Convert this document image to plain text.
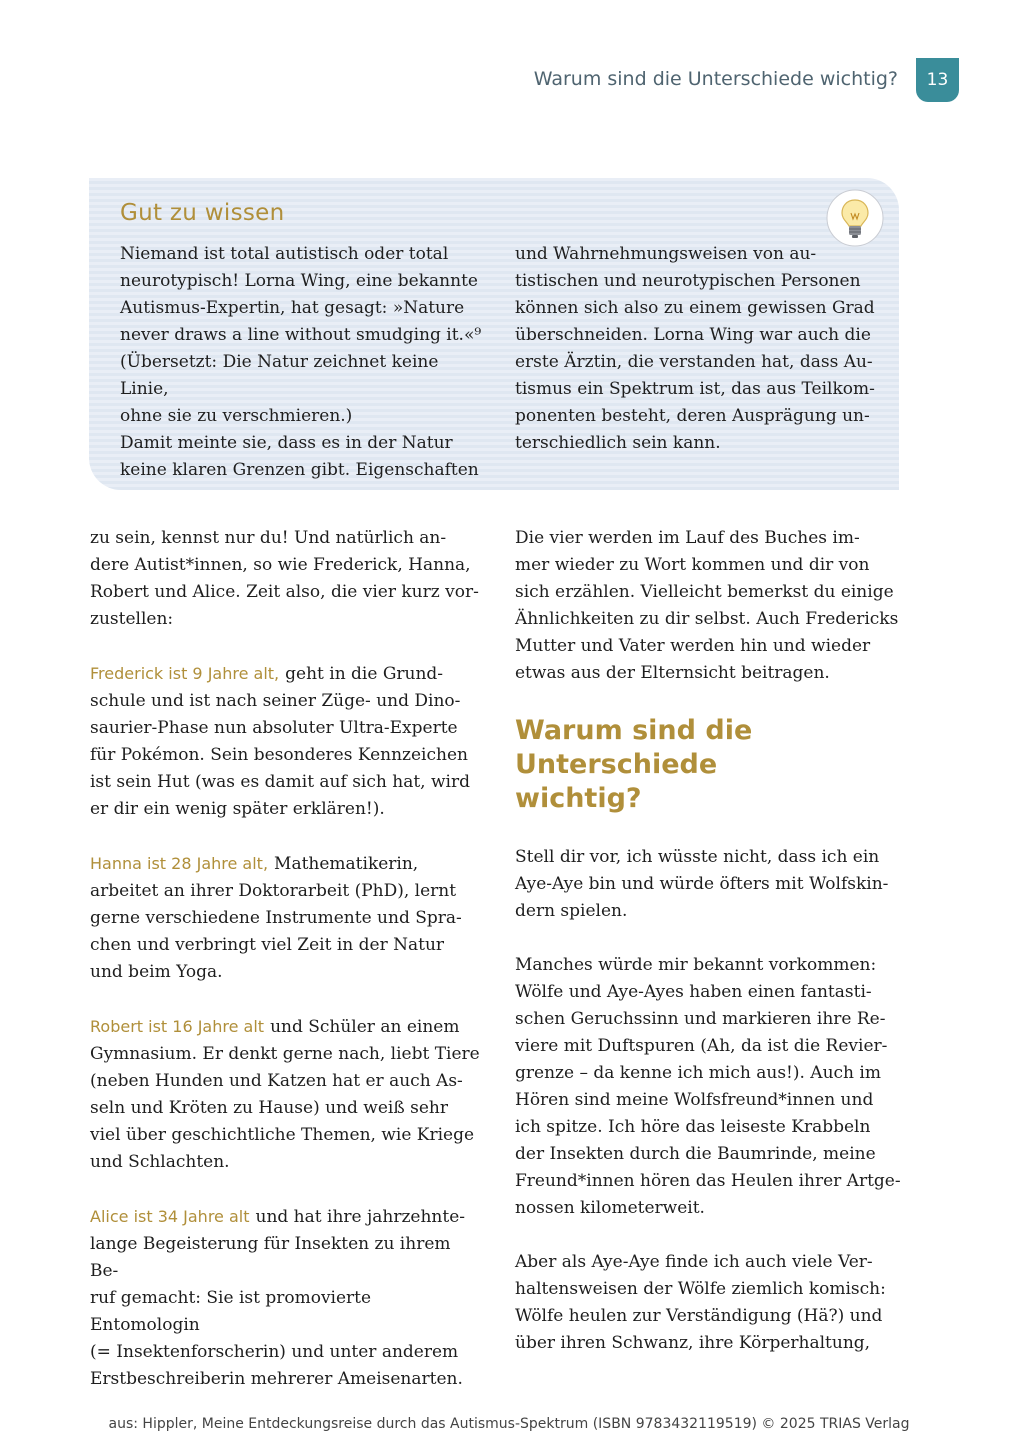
Warum sind die Unterschiede wichtig?	13
Gut zu wissen
Niemand ist total autistisch oder total
neurotypisch! Lorna Wing, eine bekannte
Autismus-Expertin, hat gesagt: »Nature
never draws a line without smudging it.«⁹
(Übersetzt: Die Natur zeichnet keine Linie,
ohne sie zu verschmieren.)
Damit meinte sie, dass es in der Natur
keine klaren Grenzen gibt. Eigenschaften
und Wahrnehmungsweisen von au-
tistischen und neurotypischen Personen
können sich also zu einem gewissen Grad
überschneiden. Lorna Wing war auch die
erste Ärztin, die verstanden hat, dass Au-
tismus ein Spektrum ist, das aus Teilkom-
ponenten besteht, deren Ausprägung un-
terschiedlich sein kann.

zu sein, kennst nur du! Und natürlich an-
dere Autist*innen, so wie Frederick, Hanna,
Robert und Alice. Zeit also, die vier kurz vor-
zustellen:

Frederick ist 9 Jahre alt, geht in die Grund-
schule und ist nach seiner Züge- und Dino-
saurier-Phase nun absoluter Ultra-Experte
für Pokémon. Sein besonderes Kennzeichen
ist sein Hut (was es damit auf sich hat, wird
er dir ein wenig später erklären!).

Hanna ist 28 Jahre alt, Mathematikerin,
arbeitet an ihrer Doktorarbeit (PhD), lernt
gerne verschiedene Instrumente und Spra-
chen und verbringt viel Zeit in der Natur
und beim Yoga.

Robert ist 16 Jahre alt und Schüler an einem
Gymnasium. Er denkt gerne nach, liebt Tiere
(neben Hunden und Katzen hat er auch As-
seln und Kröten zu Hause) und weiß sehr
viel über geschichtliche Themen, wie Kriege
und Schlachten.

Alice ist 34 Jahre alt und hat ihre jahrzehnte-
lange Begeisterung für Insekten zu ihrem Be-
ruf gemacht: Sie ist promovierte Entomologin
(= Insektenforscherin) und unter anderem
Erstbeschreiberin mehrerer Ameisenarten.

Die vier werden im Lauf des Buches im-
mer wieder zu Wort kommen und dir von
sich erzählen. Vielleicht bemerkst du einige
Ähnlichkeiten zu dir selbst. Auch Fredericks
Mutter und Vater werden hin und wieder
etwas aus der Elternsicht beitragen.

Warum sind die Unterschiede
wichtig?

Stell dir vor, ich wüsste nicht, dass ich ein
Aye-Aye bin und würde öfters mit Wolfskin-
dern spielen.

Manches würde mir bekannt vorkommen:
Wölfe und Aye-Ayes haben einen fantasti-
schen Geruchssinn und markieren ihre Re-
viere mit Duftspuren (Ah, da ist die Revier-
grenze – da kenne ich mich aus!). Auch im
Hören sind meine Wolfsfreund*innen und
ich spitze. Ich höre das leiseste Krabbeln
der Insekten durch die Baumrinde, meine
Freund*innen hören das Heulen ihrer Artge-
nossen kilometerweit.

Aber als Aye-Aye finde ich auch viele Ver-
haltensweisen der Wölfe ziemlich komisch:
Wölfe heulen zur Verständigung (Hä?) und
über ihren Schwanz, ihre Körperhaltung,

aus: Hippler, Meine Entdeckungsreise durch das Autismus-Spektrum (ISBN 9783432119519) © 2025 TRIAS Verlag
